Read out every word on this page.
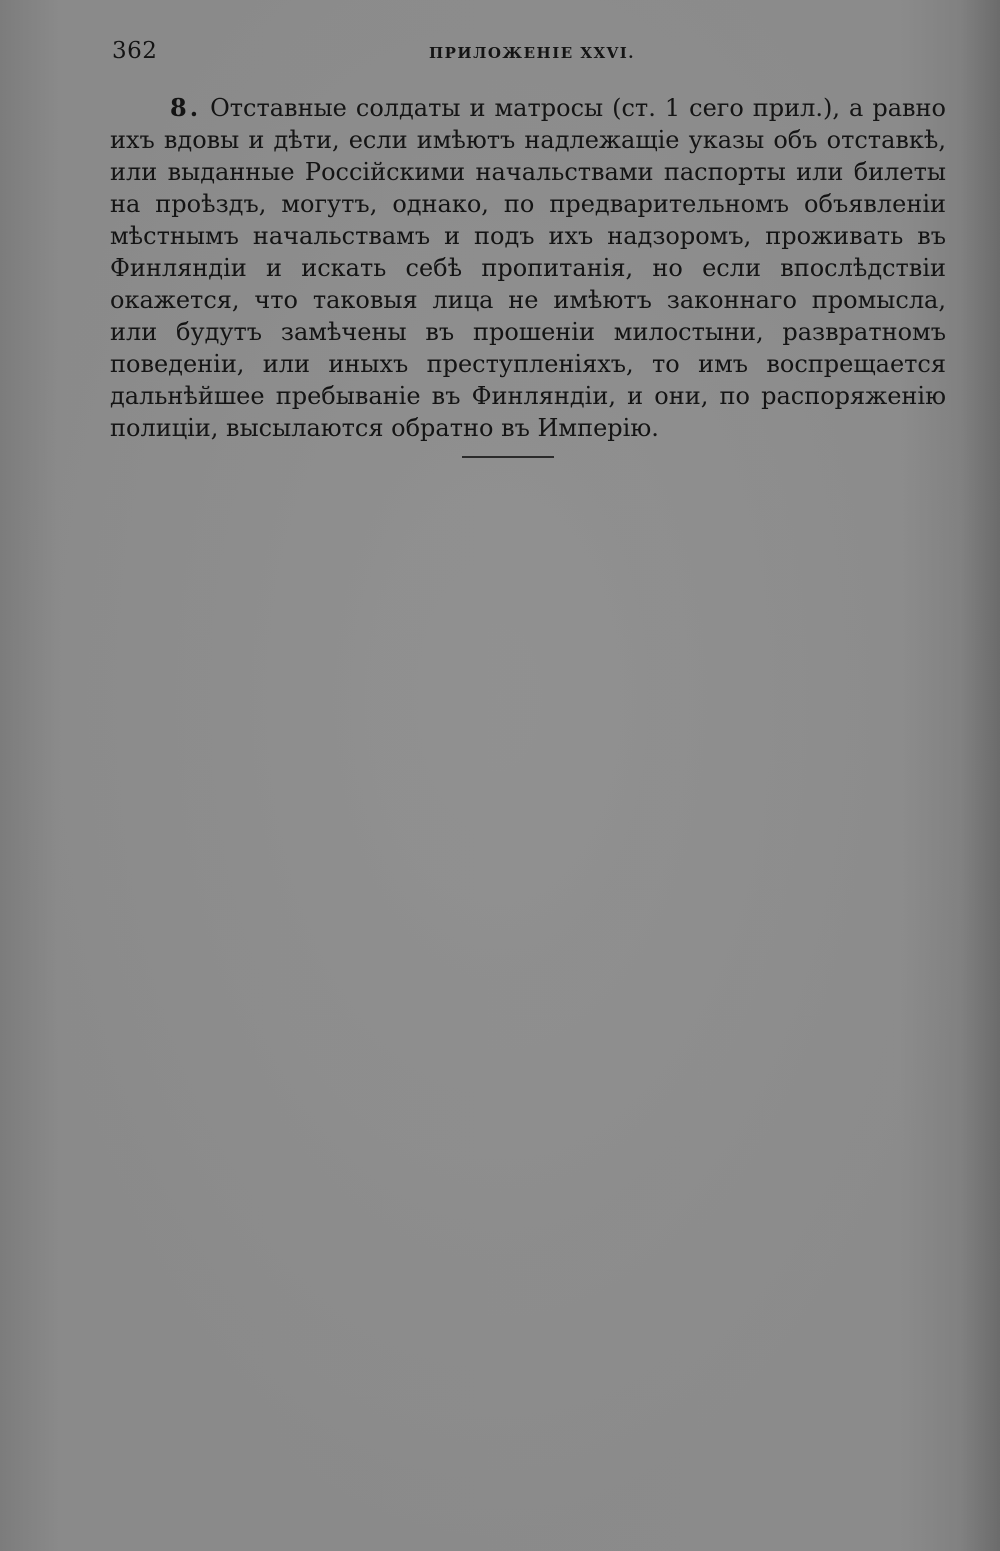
362	ПРИЛОЖЕНІЕ XXVI.

8. Отставные солдаты и матросы (ст. 1 сего прил.), а равно ихъ вдовы и дѣти, если имѣютъ надлежащіе указы объ отставкѣ, или выданные Россійскими начальствами паспорты или билеты на проѣздъ, могутъ, однако, по предварительномъ объявленіи мѣстнымъ начальствамъ и подъ ихъ надзоромъ, проживать въ Финляндіи и искать себѣ пропитанія, но если впослѣдствіи окажется, что таковыя лица не имѣютъ законнаго промысла, или будутъ замѣчены въ прошеніи милостыни, развратномъ поведеніи, или иныхъ преступленіяхъ, то имъ воспрещается дальнѣйшее пребываніе въ Финляндіи, и они, по распоряженію полиціи, высылаются обратно въ Имперію.
